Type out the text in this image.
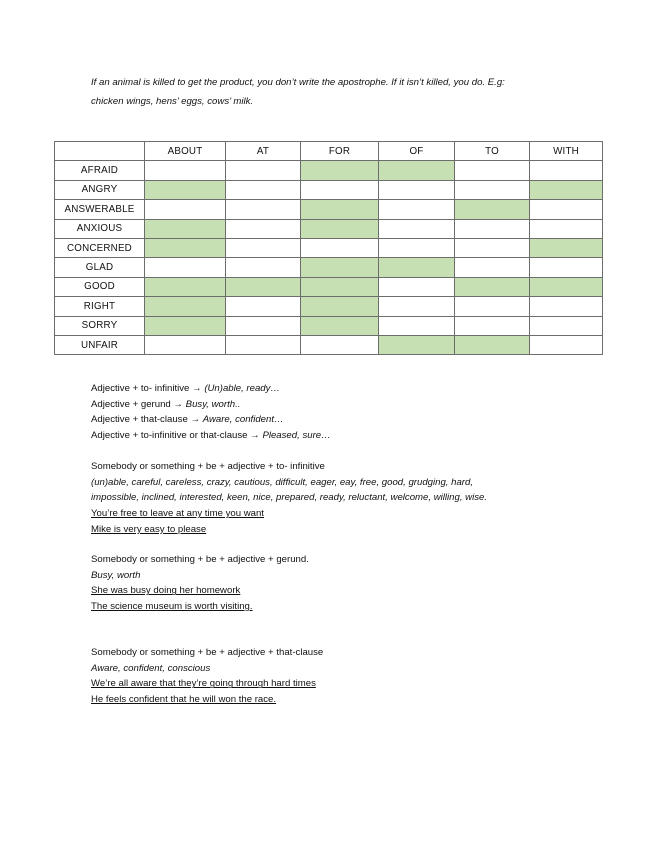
If an animal is killed to get the product, you don’t write the apostrophe. If it isn’t killed, you do. E.g:
chicken wings, hens’ eggs, cows’ milk.
	ABOUT	AT	FOR	OF	TO	WITH
AFRAID						
ANGRY						
ANSWERABLE						
ANXIOUS						
CONCERNED						
GLAD						
GOOD						
RIGHT						
SORRY						
UNFAIR						
Adjective + to- infinitive → (Un)able, ready…
Adjective + gerund → Busy, worth..
Adjective + that-clause → Aware, confident…
Adjective + to-infinitive or that-clause → Pleased, sure…
Somebody or something + be + adjective + to- infinitive
(un)able, careful, careless, crazy, cautious, difficult, eager, eay, free, good, grudging, hard,
impossible, inclined, interested, keen, nice, prepared, ready, reluctant, welcome, willing, wise.
You’re free to leave at any time you want
Mike is very easy to please
Somebody or something + be + adjective + gerund.
Busy, worth
She was busy doing her homework
The science museum is worth visiting.
Somebody or something + be + adjective + that-clause
Aware, confident, conscious
We’re all aware that they’re going through hard times
He feels confident that he will won the race.
